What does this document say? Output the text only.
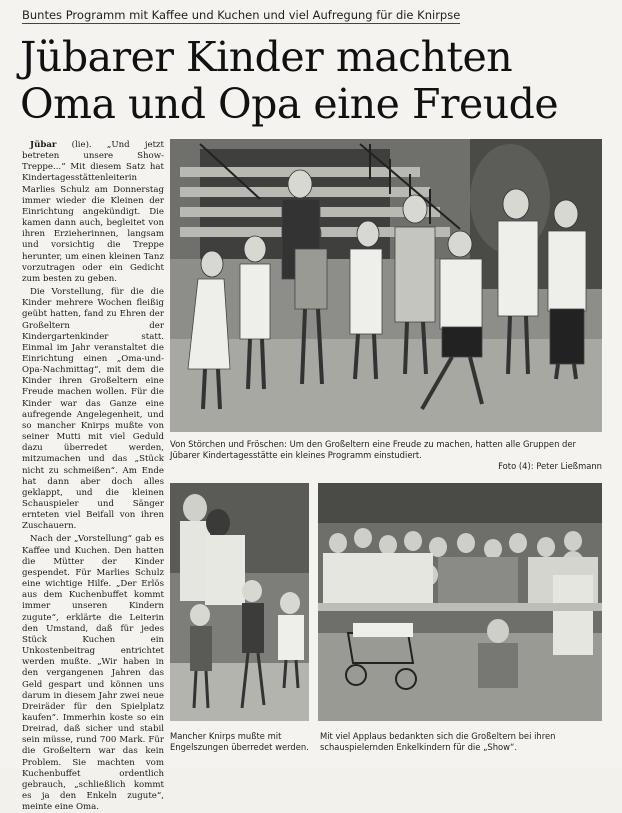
Buntes Programm mit Kaffee und Kuchen und viel Aufregung für die Knirpse
Jübarer Kinder machten
Oma und Opa eine Freude

Jübar (lie). „Und jetzt betreten unsere Show-Treppe...“ Mit diesem Satz hat Kindertagesstättenleiterin Marlies Schulz am Donnerstag immer wieder die Kleinen der Einrichtung angekündigt. Die kamen dann auch, begleitet von ihren Erzieherinnen, langsam und vorsichtig die Treppe herunter, um einen kleinen Tanz vorzutragen oder ein Gedicht zum besten zu geben.

Die Vorstellung, für die die Kinder mehrere Wochen fleißig geübt hatten, fand zu Ehren der Großeltern der Kindergartenkinder statt. Einmal im Jahr veranstaltet die Einrichtung einen „Oma-und-Opa-Nachmittag“, mit dem die Kinder ihren Großeltern eine Freude machen wollen. Für die Kinder war das Ganze eine aufregende Angelegenheit, und so mancher Knirps mußte von seiner Mutti mit viel Geduld dazu überredet werden, mitzumachen und das „Stück nicht zu schmeißen“. Am Ende hat dann aber doch alles geklappt, und die kleinen Schauspieler und Sänger ernteten viel Beifall von ihren Zuschauern.

Nach der „Vorstellung“ gab es Kaffee und Kuchen. Den hatten die Mütter der Kinder gespendet. Für Marlies Schulz eine wichtige Hilfe. „Der Erlös aus dem Kuchenbuffet kommt immer unseren Kindern zugute“, erklärte die Leiterin den Umstand, daß für jedes Stück Kuchen ein Unkostenbeitrag entrichtet werden mußte. „Wir haben in den vergangenen Jahren das Geld gespart und können uns darum in diesem Jahr zwei neue Dreiräder für den Spielplatz kaufen“. Immerhin koste so ein Dreirad, daß sicher und stabil sein müsse, rund 700 Mark. Für die Großeltern war das kein Problem. Sie machten vom Kuchenbuffet ordentlich gebrauch, „schließlich kommt es ja den Enkeln zugute“, meinte eine Oma.

Von Störchen und Fröschen: Um den Großeltern eine Freude zu machen, hatten alle Gruppen der Jübarer Kindertagesstätte ein kleines Programm einstudiert.
Foto (4): Peter Ließmann
Mancher Knirps mußte mit Engelszungen überredet werden.
Mit viel Applaus bedankten sich die Großeltern bei ihren schauspielernden Enkelkindern für die „Show“.
